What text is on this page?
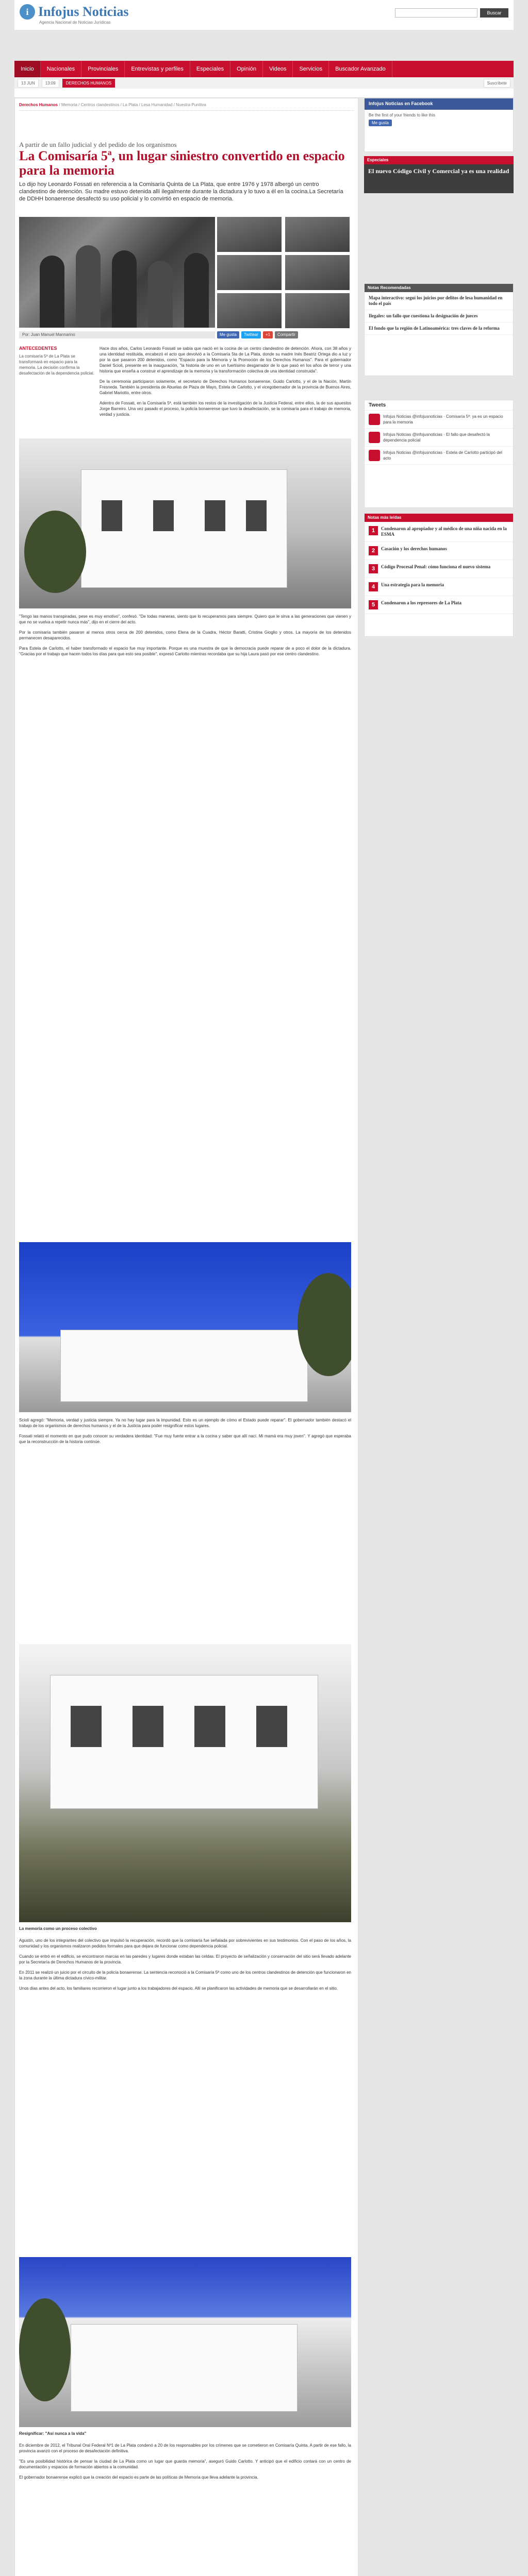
i Infojus Noticias
Agencia Nacional de Noticias Jurídicas
Buscar
Inicio	Nacionales	Provinciales	Entrevistas y perfiles	Especiales	Opinión	Videos	Servicios	Buscador Avanzado
13 JUN	13:09	DERECHOS HUMANOS	Suscríbete
Derechos Humanos / Memoria / Centros clandestinos / La Plata / Lesa Humanidad / Nuestra Punitiva
A partir de un fallo judicial y del pedido de los organismos
La Comisaría 5ª, un lugar siniestro convertido en espacio para la memoria
Lo dijo hoy Leonardo Fossati en referencia a la Comisaría Quinta de La Plata, que entre 1976 y 1978 albergó un centro clandestino de detención. Su madre estuvo detenida allí ilegalmente durante la dictadura y lo tuvo a él en la cocina.La Secretaría de DDHH bonaerense desafectó su uso policial y lo convirtió en espacio de memoria.
Por: Juan Manuel Mannarino	Me gusta	Twittear	+1	Compartir
ANTECEDENTES
La comisaría 5ª de La Plata se transformará en espacio para la memoria. La decisión confirma la desafectación de la dependencia policial.

Hace dos años, Carlos Leonardo Fossati se sabía que nació en la cocina de un centro clandestino de detención. Ahora, con 38 años y una identidad restituida, encabezó el acto que devolvió a la Comisaría 5ta de La Plata, donde su madre Inés Beatriz Ortega dio a luz y por la que pasaron 200 detenidos, como "Espacio para la Memoria y la Promoción de los Derechos Humanos". Para el gobernador Daniel Scioli, presente en la inauguración, "la historia de uno en un fuertísimo desgarrador de lo que pasó en los años de terror y una historia que enseña a construir el aprendizaje de la memoria y la transformación colectiva de una identidad construida".

De la ceremonia participaron solamente, el secretario de Derechos Humanos bonaerense, Guido Carlotto, y el de la Nación, Martín Fresneda. También la presidenta de Abuelas de Plaza de Mayo, Estela de Carlotto, y el vicegobernador de la provincia de Buenos Aires, Gabriel Mariotto, entre otros.

Adentro de Fossati, en la Comisaría 5ª, está también los restos de la investigación de la Justicia Federal, entre ellos, la de sus apuestos Jorge Barreiro. Una vez pasado el proceso, la policía bonaerense que tuvo la desafectación, se la comisaría para el trabajo de memoria, verdad y justicia.

"Tengo las manos transpiradas, pese es muy emotivo", confesó. "De todas maneras, siento que lo recuperamos para siempre. Quiero que le sirva a las generaciones que vienen y que no se vuelva a repetir nunca más", dijo en el cierre del acto.

Por la comisaría también pasaron al menos otros cerca de 200 detenidos, como Elena de la Cuadra, Héctor Baratti, Cristina Gioglio y otros. La mayoría de los detenidos permanecen desaparecidos.

Para Estela de Carlotto, el haber transformado el espacio fue muy importante. Porque es una muestra de que la democracia puede reparar de a poco el dolor de la dictadura. "Gracias por el trabajo que hacen todos los días para que esto sea posible", expresó Carlotto mientras recordaba que su hija Laura pasó por ese centro clandestino.

Scioli agregó: "Memoria, verdad y justicia siempre. Ya no hay lugar para la impunidad. Esto es un ejemplo de cómo el Estado puede reparar". El gobernador también destacó el trabajo de los organismos de derechos humanos y el de la Justicia para poder resignificar estos lugares.

Fossati relató el momento en que pudo conocer su verdadera identidad: "Fue muy fuerte entrar a la cocina y saber que allí nací. Mi mamá era muy joven". Y agregó que esperaba que la reconstrucción de la historia continúe.

La memoria como un proceso colectivo

Agustín, uno de los integrantes del colectivo que impulsó la recuperación, recordó que la comisaría fue señalada por sobrevivientes en sus testimonios. Con el paso de los años, la comunidad y los organismos realizaron pedidos formales para que dejara de funcionar como dependencia policial.

Cuando se entró en el edificio, se encontraron marcas en las paredes y lugares donde estaban las celdas. El proyecto de señalización y conservación del sitio será llevado adelante por la Secretaría de Derechos Humanos de la provincia.

En 2011 se realizó un juicio por el circuito de la policía bonaerense. La sentencia reconoció a la Comisaría 5ª como uno de los centros clandestinos de detención que funcionaron en la zona durante la última dictadura cívico-militar.

Unos días antes del acto, los familiares recorrieron el lugar junto a los trabajadores del espacio. Allí se planificaron las actividades de memoria que se desarrollarán en el sitio.

Resignificar: "Así nunca a la vida"

En diciembre de 2012, el Tribunal Oral Federal Nº1 de La Plata condenó a 20 de los responsables por los crímenes que se cometieron en Comisaría Quinta. A partir de ese fallo, la provincia avanzó con el proceso de desafectación definitiva.

"Es una posibilidad histórica de pensar la ciudad de La Plata como un lugar que guarda memoria", aseguró Guido Carlotto. Y anticipó que el edificio contará con un centro de documentación y espacios de formación abiertos a la comunidad.

El gobernador bonaerense explicó que la creación del espacio es parte de las políticas de Memoria que lleva adelante la provincia.

Infojus Noticias en Facebook
Be the first of your friends to like this
Me gusta
Especiales
El nuevo Código Civil y Comercial ya es una realidad
Notas Recomendadas
Mapa interactivo: seguí los juicios por delitos de lesa humanidad en todo el país
Ilegales: un fallo que cuestiona la designación de jueces
El fondo que la región de Latinoamérica: tres claves de la reforma
Tweets
Infojus Noticias @infojusnoticias · Comisaría 5ª: ya es un espacio para la memoria
Infojus Noticias @infojusnoticias · El fallo que desafectó la dependencia policial
Infojus Noticias @infojusnoticias · Estela de Carlotto participó del acto
Notas más leídas
1	Condenaron al apropiador y al médico de una niña nacida en la ESMA
2	Casación y los derechos humanos
3	Código Procesal Penal: cómo funciona el nuevo sistema
4	Una estrategia para la memoria
5	Condenaron a los represores de La Plata
